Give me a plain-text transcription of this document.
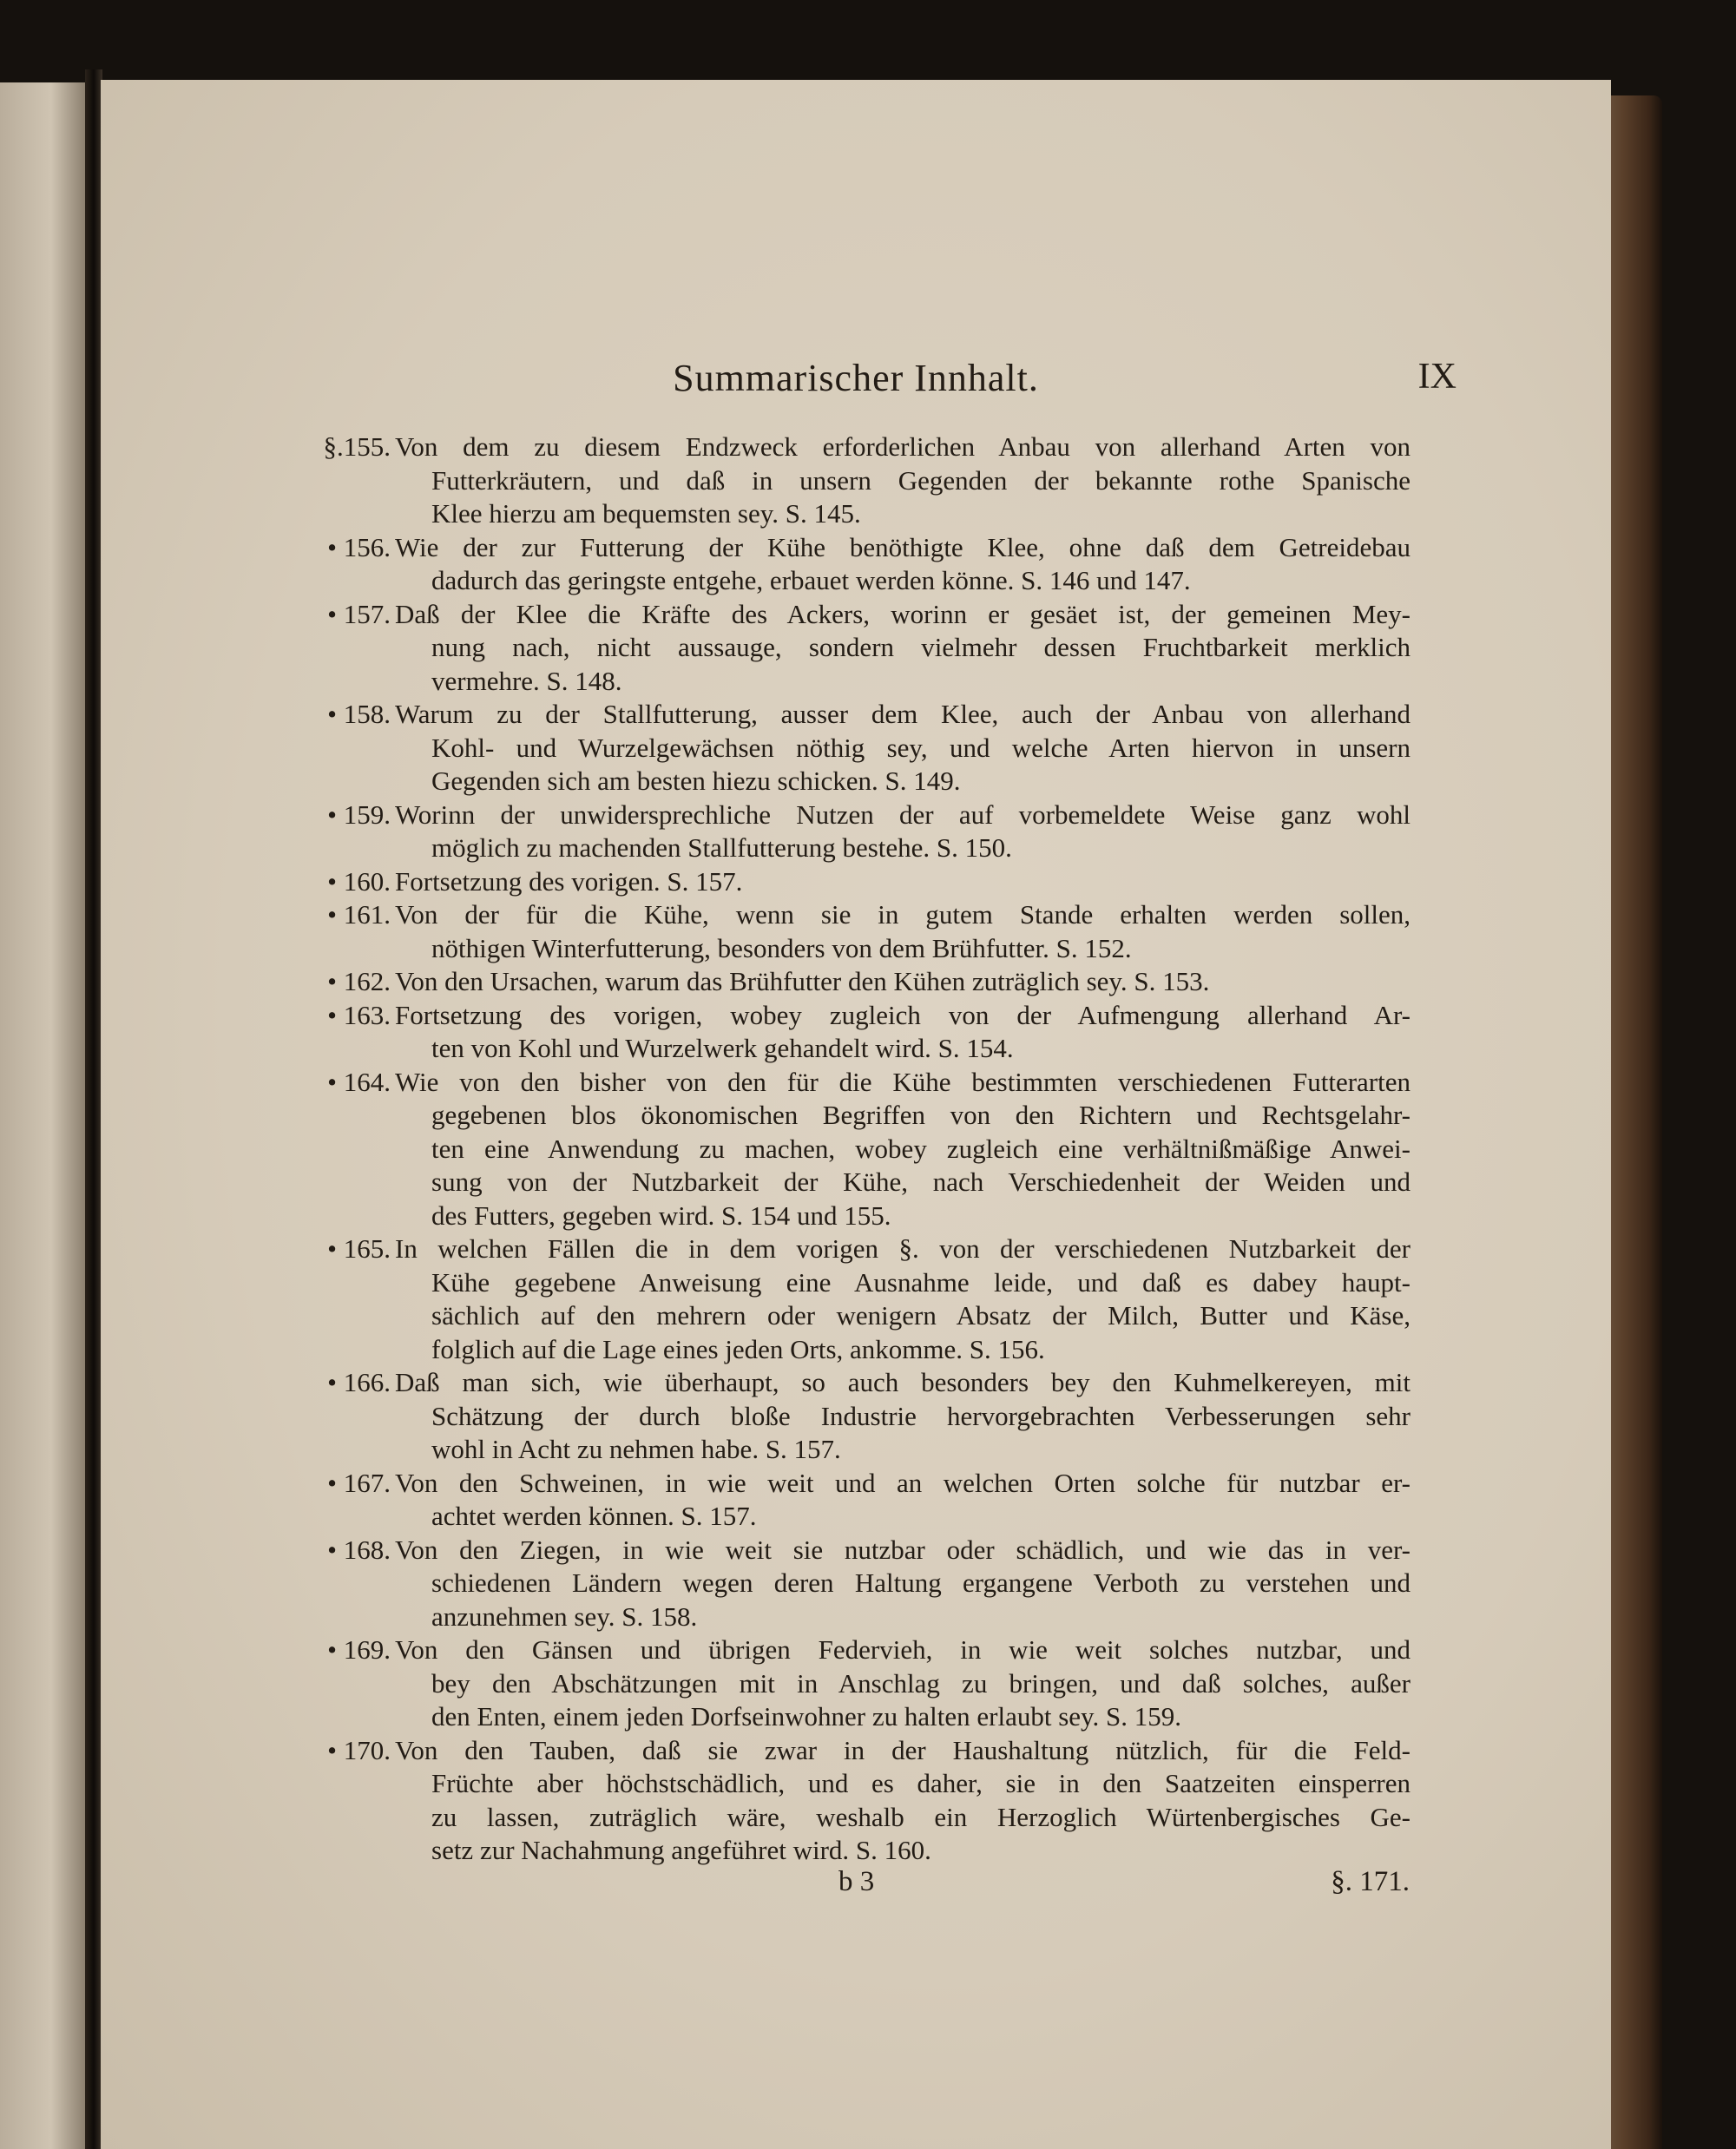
Summarischer Innhalt.	IX
§.155. Von dem zu diesem Endzweck erforderlichen Anbau von allerhand Arten von
Futterkräutern, und daß in unsern Gegenden der bekannte rothe Spanische
Klee hierzu am bequemsten sey. S. 145.
• 156. Wie der zur Futterung der Kühe benöthigte Klee, ohne daß dem Getreidebau
dadurch das geringste entgehe, erbauet werden könne. S. 146 und 147.
• 157. Daß der Klee die Kräfte des Ackers, worinn er gesäet ist, der gemeinen Mey-
nung nach, nicht aussauge, sondern vielmehr dessen Fruchtbarkeit merklich
vermehre. S. 148.
• 158. Warum zu der Stallfutterung, ausser dem Klee, auch der Anbau von allerhand
Kohl- und Wurzelgewächsen nöthig sey, und welche Arten hiervon in unsern
Gegenden sich am besten hiezu schicken. S. 149.
• 159. Worinn der unwidersprechliche Nutzen der auf vorbemeldete Weise ganz wohl
möglich zu machenden Stallfutterung bestehe. S. 150.
• 160. Fortsetzung des vorigen. S. 157.
• 161. Von der für die Kühe, wenn sie in gutem Stande erhalten werden sollen,
nöthigen Winterfutterung, besonders von dem Brühfutter. S. 152.
• 162. Von den Ursachen, warum das Brühfutter den Kühen zuträglich sey. S. 153.
• 163. Fortsetzung des vorigen, wobey zugleich von der Aufmengung allerhand Ar-
ten von Kohl und Wurzelwerk gehandelt wird. S. 154.
• 164. Wie von den bisher von den für die Kühe bestimmten verschiedenen Futterarten
gegebenen blos ökonomischen Begriffen von den Richtern und Rechtsgelahr-
ten eine Anwendung zu machen, wobey zugleich eine verhältnißmäßige Anwei-
sung von der Nutzbarkeit der Kühe, nach Verschiedenheit der Weiden und
des Futters, gegeben wird. S. 154 und 155.
• 165. In welchen Fällen die in dem vorigen §. von der verschiedenen Nutzbarkeit der
Kühe gegebene Anweisung eine Ausnahme leide, und daß es dabey haupt-
sächlich auf den mehrern oder wenigern Absatz der Milch, Butter und Käse,
folglich auf die Lage eines jeden Orts, ankomme. S. 156.
• 166. Daß man sich, wie überhaupt, so auch besonders bey den Kuhmelkereyen, mit
Schätzung der durch bloße Industrie hervorgebrachten Verbesserungen sehr
wohl in Acht zu nehmen habe. S. 157.
• 167. Von den Schweinen, in wie weit und an welchen Orten solche für nutzbar er-
achtet werden können. S. 157.
• 168. Von den Ziegen, in wie weit sie nutzbar oder schädlich, und wie das in ver-
schiedenen Ländern wegen deren Haltung ergangene Verboth zu verstehen und
anzunehmen sey. S. 158.
• 169. Von den Gänsen und übrigen Federvieh, in wie weit solches nutzbar, und
bey den Abschätzungen mit in Anschlag zu bringen, und daß solches, außer
den Enten, einem jeden Dorfseinwohner zu halten erlaubt sey. S. 159.
• 170. Von den Tauben, daß sie zwar in der Haushaltung nützlich, für die Feld-
Früchte aber höchstschädlich, und es daher, sie in den Saatzeiten einsperren
zu lassen, zuträglich wäre, weshalb ein Herzoglich Würtenbergisches Ge-
setz zur Nachahmung angeführet wird. S. 160.
b 3	§. 171.
